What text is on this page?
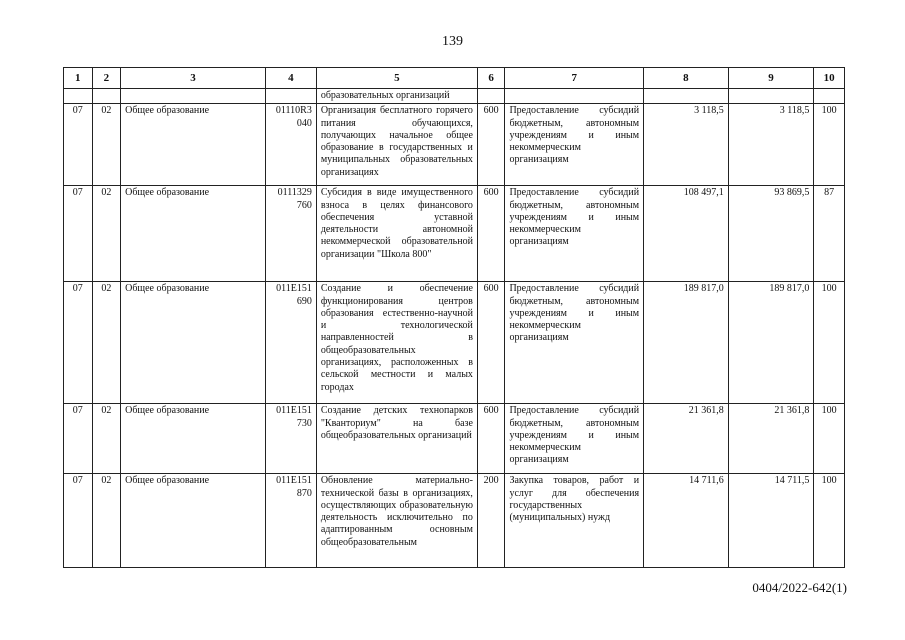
139
1	2	3	4	5	6	7	8	9	10
				образовательных организаций					
07	02	Общее образование	01110R3 040	Организация бесплатного горячего питания обучающихся, получающих начальное общее образование в государственных и муниципальных образовательных организациях	600	Предоставление субсидий бюджетным, автономным учреждениям и иным некоммерческим организациям	3 118,5	3 118,5	100
07	02	Общее образование	0111329 760	Субсидия в виде имущественного взноса в целях финансового обеспечения уставной деятельности автономной некоммерческой образовательной организации "Школа 800"	600	Предоставление субсидий бюджетным, автономным учреждениям и иным некоммерческим организациям	108 497,1	93 869,5	87
07	02	Общее образование	011E151 690	Создание и обеспечение функционирования центров образования естественно-научной и технологической направленностей в общеобразовательных организациях, расположенных в сельской местности и малых городах	600	Предоставление субсидий бюджетным, автономным учреждениям и иным некоммерческим организациям	189 817,0	189 817,0	100
07	02	Общее образование	011E151 730	Создание детских технопарков "Кванториум" на базе общеобразовательных организаций	600	Предоставление субсидий бюджетным, автономным учреждениям и иным некоммерческим организациям	21 361,8	21 361,8	100
07	02	Общее образование	011E151 870	Обновление материально-технической базы в организациях, осуществляющих образовательную деятельность исключительно по адаптированным основным общеобразовательным	200	Закупка товаров, работ и услуг для обеспечения государственных (муниципальных) нужд	14 711,6	14 711,5	100
0404/2022-642(1)
